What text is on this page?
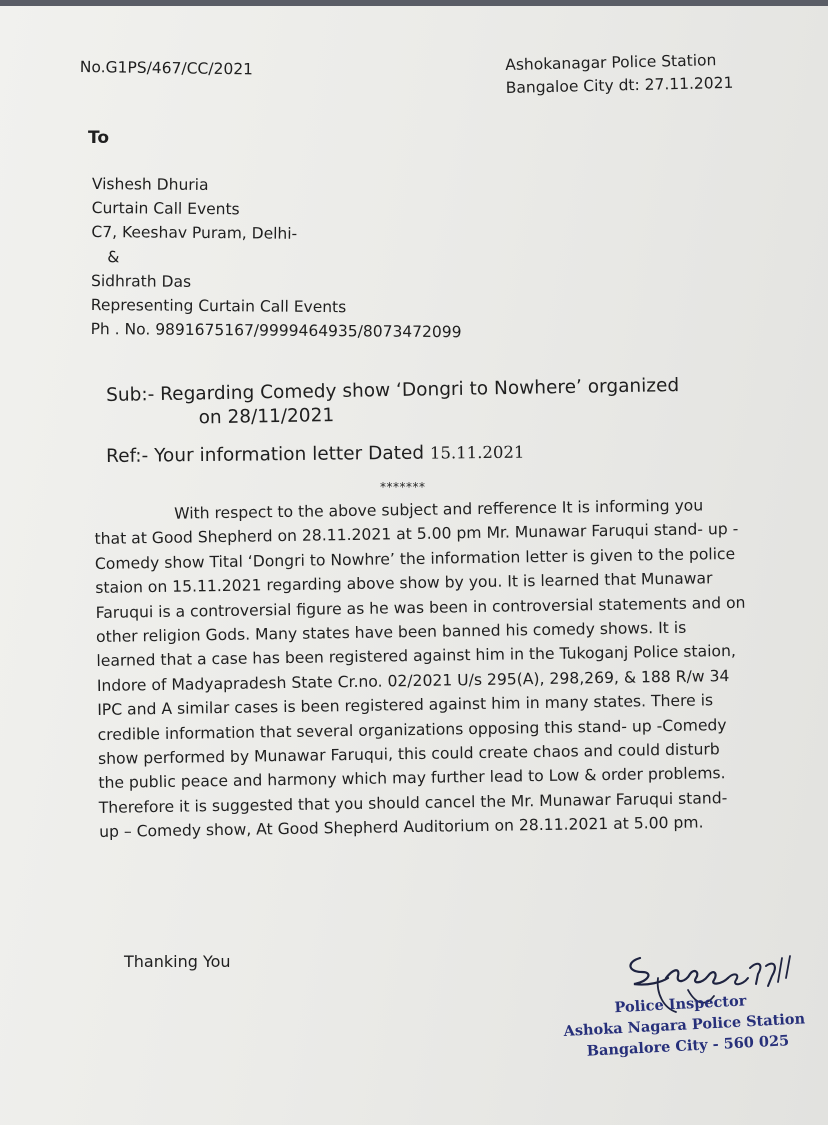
No.G1PS/467/CC/2021	Ashokanagar Police Station
Bangaloe City dt: 27.11.2021
To
Vishesh Dhuria
Curtain Call Events
C7, Keeshav Puram, Delhi-
&
Sidhrath Das
Representing Curtain Call Events
Ph . No. 9891675167/9999464935/8073472099
Sub:- Regarding Comedy show ‘Dongri to Nowhere’ organized
on 28/11/2021
Ref:- Your information letter Dated 15.11.2021
*******
With respect to the above subject and refference It is informing you
that at Good Shepherd on 28.11.2021 at 5.00 pm Mr. Munawar Faruqui stand- up -
Comedy show Tital ‘Dongri to Nowhre’ the information letter is given to the police
staion on 15.11.2021 regarding above show by you. It is learned that Munawar
Faruqui is a controversial figure as he was been in controversial statements and on
other religion Gods. Many states have been banned his comedy shows. It is
learned that a case has been registered against him in the Tukoganj Police staion,
Indore of Madyapradesh State Cr.no. 02/2021 U/s 295(A), 298,269, & 188 R/w 34
IPC and A similar cases is been registered against him in many states. There is
credible information that several organizations opposing this stand- up -Comedy
show performed by Munawar Faruqui, this could create chaos and could disturb
the public peace and harmony which may further lead to Low & order problems.
Therefore it is suggested that you should cancel the Mr. Munawar Faruqui stand-
up – Comedy show, At Good Shepherd Auditorium on 28.11.2021 at 5.00 pm.
Thanking You
Police Inspector
Ashoka Nagara Police Station
Bangalore City - 560 025
